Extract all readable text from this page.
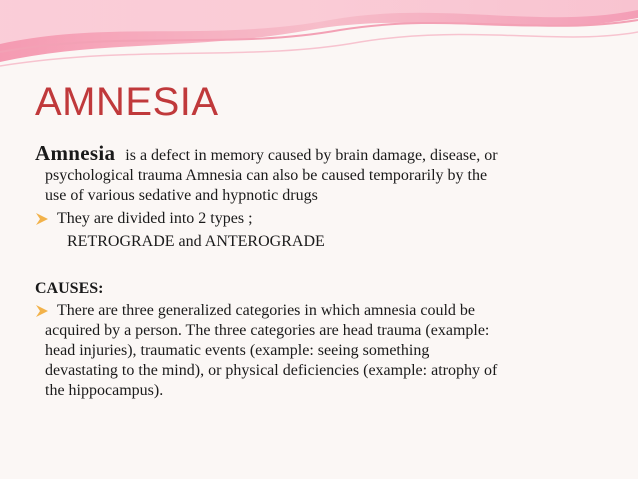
AMNESIA
Amnesia is a defect in memory caused by brain damage, disease, or
psychological trauma Amnesia can also be caused temporarily by the
use of various sedative and hypnotic drugs
They are divided into 2 types ;
RETROGRADE and ANTEROGRADE
CAUSES:
There are three generalized categories in which amnesia could be
acquired by a person. The three categories are head trauma (example:
head injuries), traumatic events (example: seeing something
devastating to the mind), or physical deficiencies (example: atrophy of
the hippocampus).
